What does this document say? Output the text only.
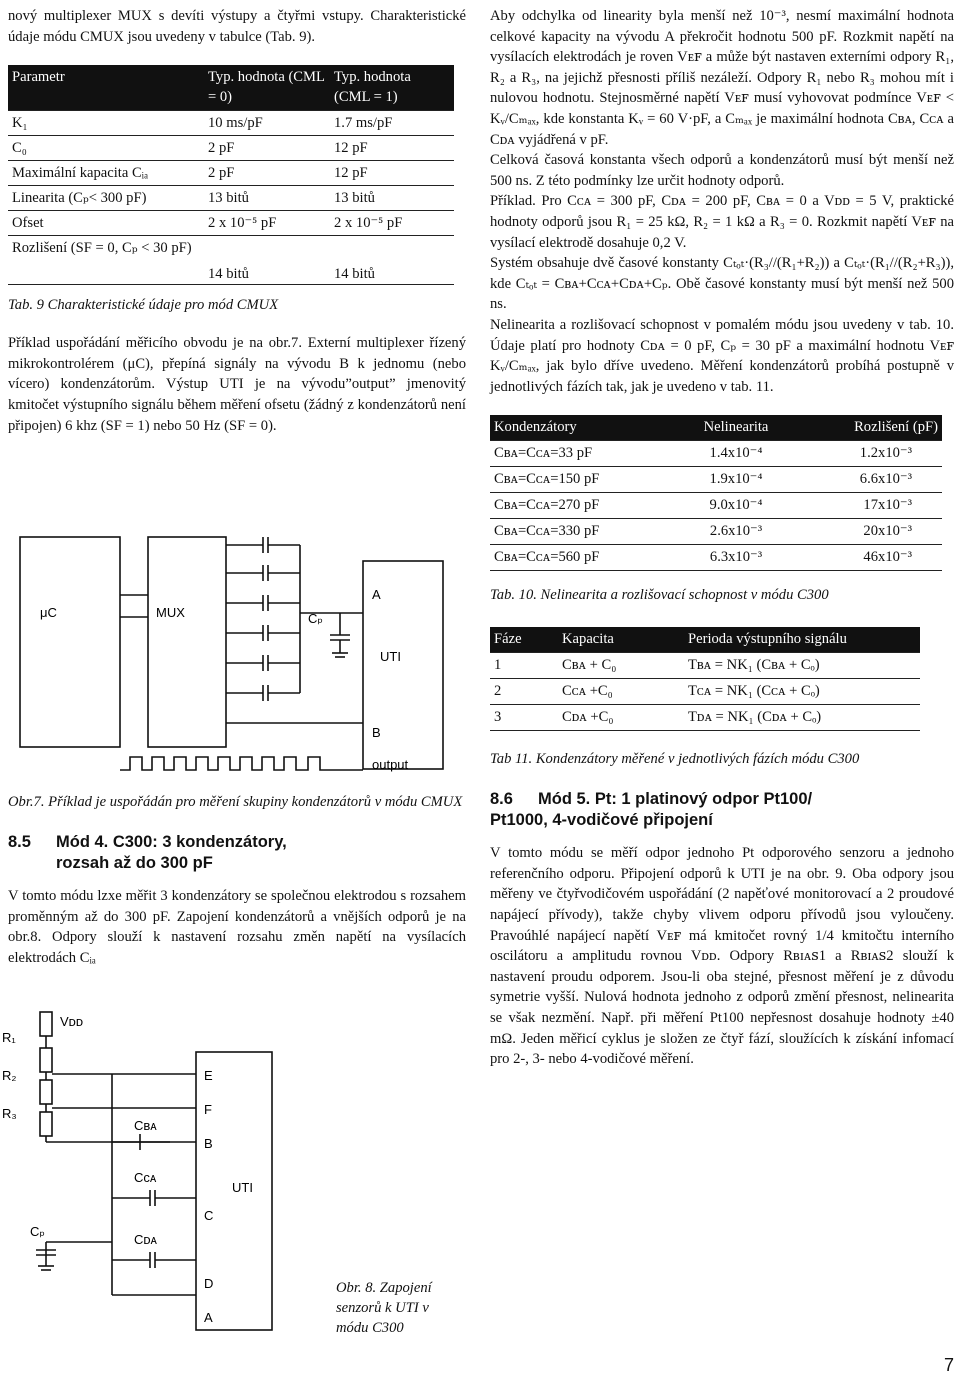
nový multiplexer MUX s devíti výstupy a čtyřmi vstupy. Charakteristické údaje módu CMUX jsou uvedeny v tabulce (Tab. 9).

Parametr	Typ. hodnota (CML = 0)	Typ. hodnota (CML = 1)
K₁	10 ms/pF	1.7 ms/pF
C₀	2 pF	12 pF
Maximální kapacita Cᵢₐ	2 pF	12 pF
Linearita (Cₚ< 300 pF)	13 bitů	13 bitů
Ofset	2 x 10⁻⁵ pF	2 x 10⁻⁵ pF
Rozlišení (SF = 0, Cₚ < 30 pF)	14 bitů	14 bitů

Tab. 9 Charakteristické údaje pro mód CMUX

Příklad uspořádání měřicího obvodu je na obr.7. Externí multiplexer řízený mikrokontrolérem (μC), přepíná signály na vývodu B k jednomu (nebo vícero) kondenzátorům. Výstup UTI je na vývodu”output” jmenovitý kmitočet výstupního signálu během měření ofsetu (žádný z kondenzátorů není připojen) 6 khz (SF = 1) nebo 50 Hz (SF = 0).

μC	MUX	Cₚ
A
UTI
B
output

Obr.7. Příklad je uspořádán pro měření skupiny kondenzátorů v módu CMUX

8.5 Mód 4. C300: 3 kondenzátory,
rozsah až do 300 pF

V tomto módu lzxe měřit 3 kondenzátory se společnou elektrodou s rozsahem proměnným až do 300 pF. Zapojení kondenzátorů a vnějších odporů je na obr.8. Odpory slouží k nastavení rozsahu změn napětí na vysílacích elektrodách Cᵢₐ

Vᴅᴅ
R₁
R₂
R₃
Cʙᴀ
Cᴄᴀ
Cᴅᴀ
Cₚ
E
F
B
C
D
A
UTI

Obr. 8. Zapojení senzorů k UTI v módu C300

Aby odchylka od linearity byla menší než 10⁻³, nesmí maximální hodnota celkové kapacity na vývodu A překročit hodnotu 500 pF. Rozkmit napětí na vysílacích elektrodách je roven Vᴇꜰ a může být nastaven externími odpory R₁, R₂ a R₃, na jejichž přesnosti příliš nezáleží. Odpory R₁ nebo R₃ mohou mít i nulovou hodnotu. Stejnosměrné napětí Vᴇꜰ musí vyhovovat podmínce Vᴇꜰ < Kᵥ/Cₘₐₓ, kde konstanta Kᵥ = 60 V·pF, a Cₘₐₓ je maximální hodnota Cʙᴀ, Cᴄᴀ a Cᴅᴀ vyjádřená v pF.

Celková časová konstanta všech odporů a kondenzátorů musí být menší než 500 ns. Z této podmínky lze určit hodnoty odporů.

Příklad. Pro Cᴄᴀ = 300 pF, Cᴅᴀ = 200 pF, Cʙᴀ = 0 a Vᴅᴅ = 5 V, praktické hodnoty odporů jsou R₁ = 25 kΩ, R₂ = 1 kΩ a R₃ = 0. Rozkmit napětí Vᴇꜰ na vysílací elektrodě dosahuje 0,2 V.

Systém obsahuje dvě časové konstanty Cₜₒₜ·(R₃//(R₁+R₂)) a Cₜₒₜ·(R₁//(R₂+R₃)), kde Cₜₒₜ = Cʙᴀ+Cᴄᴀ+Cᴅᴀ+Cₚ. Obě časové konstanty musí být menší než 500 ns.

Nelinearita a rozlišovací schopnost v pomalém módu jsou uvedeny v tab. 10. Údaje platí pro hodnoty Cᴅᴀ = 0 pF, Cₚ = 30 pF a maximální hodnotu Vᴇꜰ Kᵥ/Cₘₐₓ, jak bylo dříve uvedeno. Měření kondenzátorů probíhá postupně v jednotlivých fázích tak, jak je uvedeno v tab. 11.

Kondenzátory	Nelinearita	Rozlišení (pF)
Cʙᴀ=Cᴄᴀ=33 pF	1.4x10⁻⁴	1.2x10⁻³
Cʙᴀ=Cᴄᴀ=150 pF	1.9x10⁻⁴	6.6x10⁻³
Cʙᴀ=Cᴄᴀ=270 pF	9.0x10⁻⁴	17x10⁻³
Cʙᴀ=Cᴄᴀ=330 pF	2.6x10⁻³	20x10⁻³
Cʙᴀ=Cᴄᴀ=560 pF	6.3x10⁻³	46x10⁻³

Tab. 10. Nelinearita a rozlišovací schopnost v módu C300

Fáze	Kapacita	Perioda výstupního signálu
1	Cʙᴀ + C₀	Tʙᴀ = NK₁ (Cʙᴀ + Cₒ)
2	Cᴄᴀ +C₀	Tᴄᴀ = NK₁ (Cᴄᴀ + Cₒ)
3	Cᴅᴀ +C₀	Tᴅᴀ = NK₁ (Cᴅᴀ + Cₒ)

Tab 11. Kondenzátory měřené v jednotlivých fázích módu C300

8.6 Mód 5. Pt: 1 platinový odpor Pt100/
Pt1000, 4-vodičové připojení

V tomto módu se měří odpor jednoho Pt odporového senzoru a jednoho referenčního odporu. Připojení odporů k UTI je na obr. 9. Oba odpory jsou měřeny ve čtyřvodičovém uspořádání (2 napěťové monitorovací a 2 proudové napájecí přívody), takže chyby vlivem odporu přívodů jsou vyloučeny. Pravoúhlé napájecí napětí Vᴇꜰ má kmitočet rovný 1/4 kmitočtu interního oscilátoru a amplitudu rovnou Vᴅᴅ. Odpory Rʙɪᴀꜱ1 a Rʙɪᴀꜱ2 slouží k nastavení proudu odporem. Jsou-li oba stejné, přesnost měření je z důvodu symetrie vyšší. Nulová hodnota jednoho z odporů změní přesnost, nelinearita se však nezmění. Např. při měření Pt100 nepřesnost dosahuje hodnoty ±40 mΩ. Jeden měřicí cyklus je složen ze čtyř fází, sloužících k získání infomací pro 2-, 3- nebo 4-vodičové měření.

7
